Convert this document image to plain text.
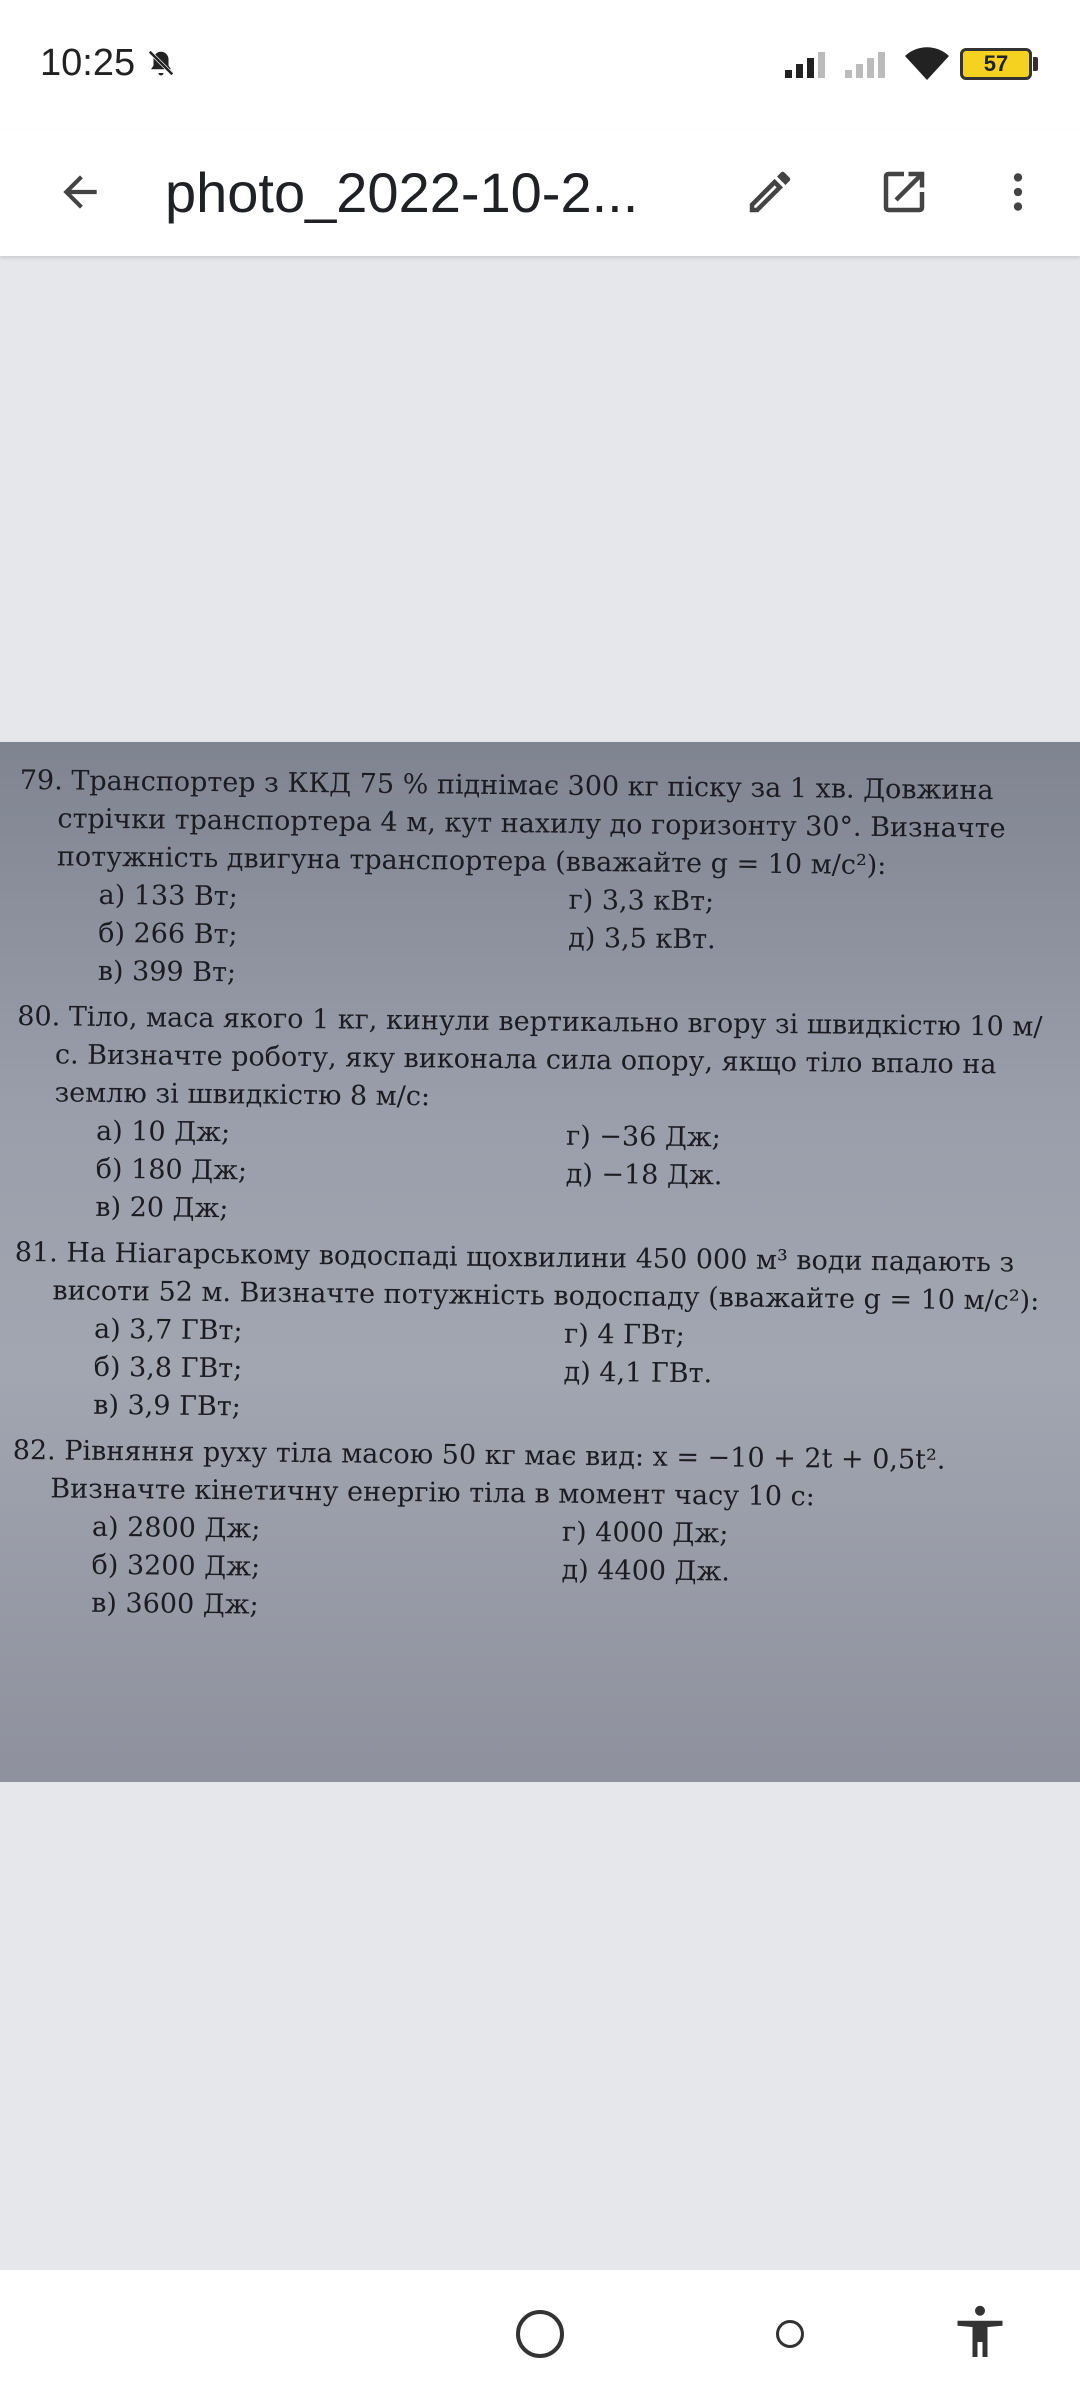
10:25	57
photo_2022-10-2...
79. Транспортер з ККД 75 % піднімає 300 кг піску за 1 хв. Довжина стрічки транспортера 4 м, кут нахилу до горизонту 30°. Визначте потужність двигуна транспортера (вважайте g = 10 м/с²):
а) 133 Вт;	г) 3,3 кВт;
б) 266 Вт;	д) 3,5 кВт.
в) 399 Вт;
80. Тіло, маса якого 1 кг, кинули вертикально вгору зі швидкістю 10 м/с. Визначте роботу, яку виконала сила опору, якщо тіло впало на землю зі швидкістю 8 м/с:
а) 10 Дж;	г) −36 Дж;
б) 180 Дж;	д) −18 Дж.
в) 20 Дж;
81. На Ніагарському водоспаді щохвилини 450 000 м³ води падають з висоти 52 м. Визначте потужність водоспаду (вважайте g = 10 м/с²):
а) 3,7 ГВт;	г) 4 ГВт;
б) 3,8 ГВт;	д) 4,1 ГВт.
в) 3,9 ГВт;
82. Рівняння руху тіла масою 50 кг має вид: x = −10 + 2t + 0,5t². Визначте кінетичну енергію тіла в момент часу 10 с:
а) 2800 Дж;	г) 4000 Дж;
б) 3200 Дж;	д) 4400 Дж.
в) 3600 Дж;
